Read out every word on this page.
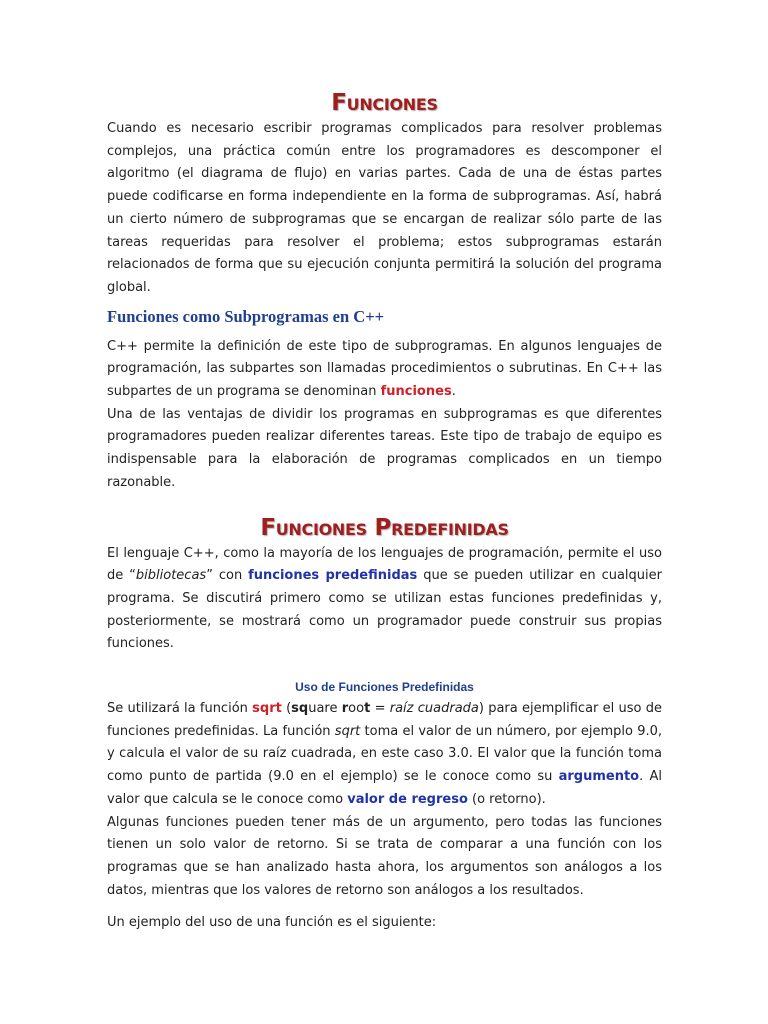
Funciones

Cuando es necesario escribir programas complicados para resolver problemas complejos, una práctica común entre los programadores es descomponer el algoritmo (el diagrama de flujo) en varias partes. Cada de una de éstas partes puede codificarse en forma independiente en la forma de subprogramas. Así, habrá un cierto número de subprogramas que se encargan de realizar sólo parte de las tareas requeridas para resolver el problema; estos subprogramas estarán relacionados de forma que su ejecución conjunta permitirá la solución del programa global.

Funciones como Subprogramas en C++

C++ permite la definición de este tipo de subprogramas. En algunos lenguajes de programación, las subpartes son llamadas procedimientos o subrutinas. En C++ las subpartes de un programa se denominan funciones.

Una de las ventajas de dividir los programas en subprogramas es que diferentes programadores pueden realizar diferentes tareas. Este tipo de trabajo de equipo es indispensable para la elaboración de programas complicados en un tiempo razonable.

Funciones Predefinidas

El lenguaje C++, como la mayoría de los lenguajes de programación, permite el uso de “bibliotecas” con funciones predefinidas que se pueden utilizar en cualquier programa. Se discutirá primero como se utilizan estas funciones predefinidas y, posteriormente, se mostrará como un programador puede construir sus propias funciones.

Uso de Funciones Predefinidas

Se utilizará la función sqrt (square root = raíz cuadrada) para ejemplificar el uso de funciones predefinidas. La función sqrt toma el valor de un número, por ejemplo 9.0, y calcula el valor de su raíz cuadrada, en este caso 3.0. El valor que la función toma como punto de partida (9.0 en el ejemplo) se le conoce como su argumento. Al valor que calcula se le conoce como valor de regreso (o retorno).

Algunas funciones pueden tener más de un argumento, pero todas las funciones tienen un solo valor de retorno. Si se trata de comparar a una función con los programas que se han analizado hasta ahora, los argumentos son análogos a los datos, mientras que los valores de retorno son análogos a los resultados.

Un ejemplo del uso de una función es el siguiente:
